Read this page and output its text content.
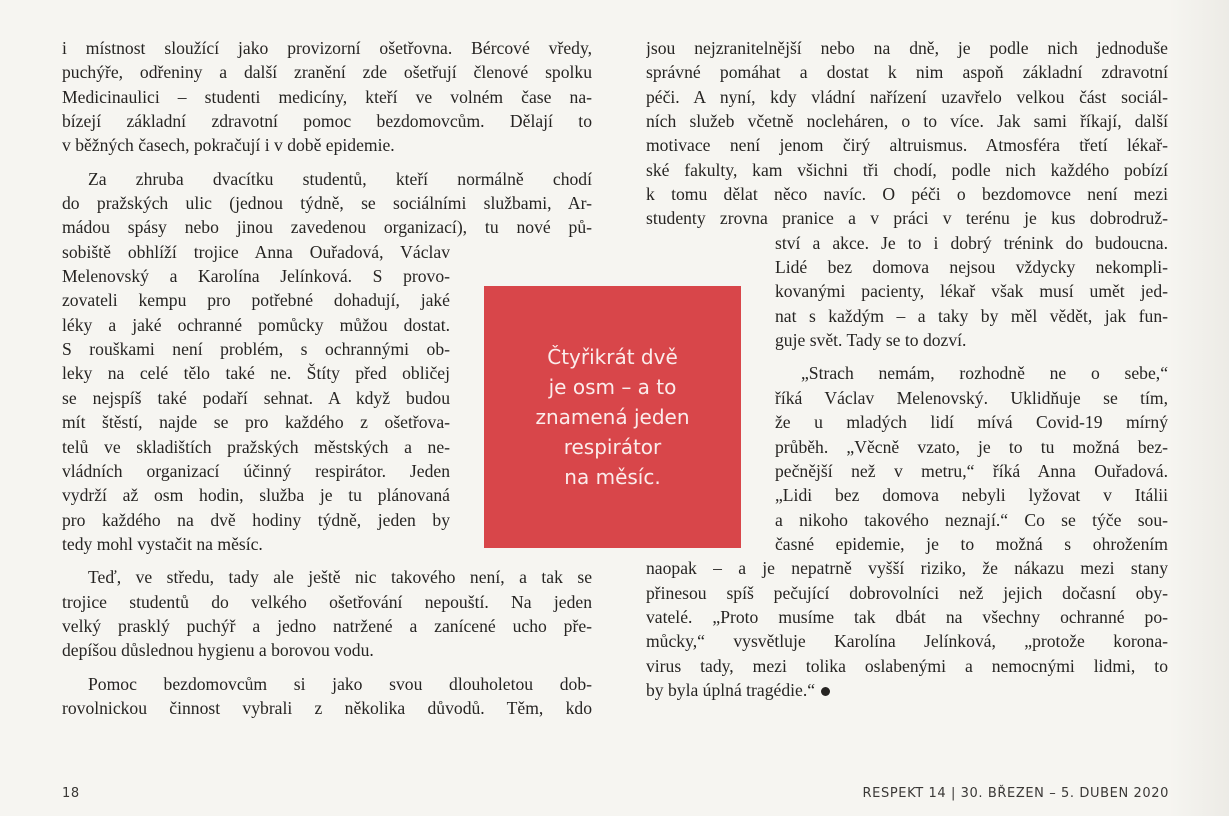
i místnost sloužící jako provizorní ošetřovna. Bércové vředy,
puchýře, odřeniny a další zranění zde ošetřují členové spolku
Medicinaulici – studenti medicíny, kteří ve volném čase na-
bízejí základní zdravotní pomoc bezdomovcům. Dělají to
v běžných časech, pokračují i v době epidemie.
Za zhruba dvacítku studentů, kteří normálně chodí
do pražských ulic (jednou týdně, se sociálními službami, Ar-
mádou spásy nebo jinou zavedenou organizací), tu nové pů-
sobiště obhlíží trojice Anna Ouřadová, Václav
Melenovský a Karolína Jelínková. S provo-
zovateli kempu pro potřebné dohadují, jaké
léky a jaké ochranné pomůcky můžou dostat.
S rouškami není problém, s ochrannými ob-
leky na celé tělo také ne. Štíty před obličej
se nejspíš také podaří sehnat. A když budou
mít štěstí, najde se pro každého z ošetřova-
telů ve skladištích pražských městských a ne-
vládních organizací účinný respirátor. Jeden
vydrží až osm hodin, služba je tu plánovaná
pro každého na dvě hodiny týdně, jeden by
tedy mohl vystačit na měsíc.
Teď, ve středu, tady ale ještě nic takového není, a tak se
trojice studentů do velkého ošetřování nepouští. Na jeden
velký prasklý puchýř a jedno natržené a zanícené ucho pře-
depíšou důslednou hygienu a borovou vodu.
Pomoc bezdomovcům si jako svou dlouholetou dob-
rovolnickou činnost vybrali z několika důvodů. Těm, kdo
jsou nejzranitelnější nebo na dně, je podle nich jednoduše
správné pomáhat a dostat k nim aspoň základní zdravotní
péči. A nyní, kdy vládní nařízení uzavřelo velkou část sociál-
ních služeb včetně nocleháren, o to více. Jak sami říkají, další
motivace není jenom čirý altruismus. Atmosféra třetí lékař-
ské fakulty, kam všichni tři chodí, podle nich každého pobízí
k tomu dělat něco navíc. O péči o bezdomovce není mezi
studenty zrovna pranice a v práci v terénu je kus dobrodruž-
ství a akce. Je to i dobrý trénink do budoucna.
Lidé bez domova nejsou vždycky nekompli-
kovanými pacienty, lékař však musí umět jed-
nat s každým – a taky by měl vědět, jak fun-
guje svět. Tady se to dozví.
„Strach nemám, rozhodně ne o sebe,“
říká Václav Melenovský. Uklidňuje se tím,
že u mladých lidí mívá Covid-19 mírný
průběh. „Věcně vzato, je to tu možná bez-
pečnější než v metru,“ říká Anna Ouřadová.
„Lidi bez domova nebyli lyžovat v Itálii
a nikoho takového neznají.“ Co se týče sou-
časné epidemie, je to možná s ohrožením
naopak – a je nepatrně vyšší riziko, že nákazu mezi stany
přinesou spíš pečující dobrovolníci než jejich dočasní oby-
vatelé. „Proto musíme tak dbát na všechny ochranné po-
můcky,“ vysvětluje Karolína Jelínková, „protože korona-
virus tady, mezi tolika oslabenými a nemocnými lidmi, to
by byla úplná tragédie.“
Čtyřikrát dvě
je osm – a to
znamená jeden
respirátor
na měsíc.
18	RESPEKT 14 | 30. BŘEZEN – 5. DUBEN 2020
